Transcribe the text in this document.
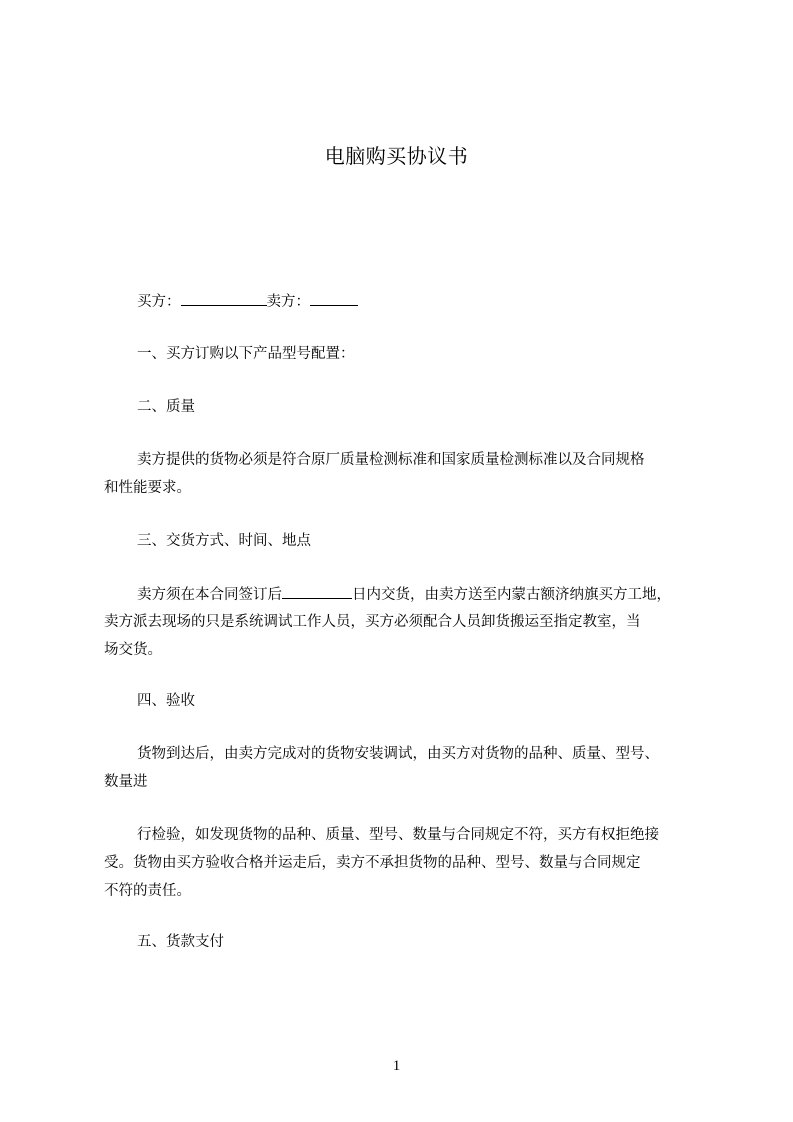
电脑购买协议书
买方：	卖方：
一、买方订购以下产品型号配置：
二、质量
卖方提供的货物必须是符合原厂质量检测标准和国家质量检测标准以及合同规格
和性能要求。
三、交货方式、时间、地点
卖方须在本合同签订后	日内交货，由卖方送至内蒙古额济纳旗买方工地，
卖方派去现场的只是系统调试工作人员，买方必须配合人员卸货搬运至指定教室，当
场交货。
四、验收
货物到达后，由卖方完成对的货物安装调试，由买方对货物的品种、质量、型号、
数量进
行检验，如发现货物的品种、质量、型号、数量与合同规定不符，买方有权拒绝接
受。货物由买方验收合格并运走后，卖方不承担货物的品种、型号、数量与合同规定
不符的责任。
五、货款支付
1
